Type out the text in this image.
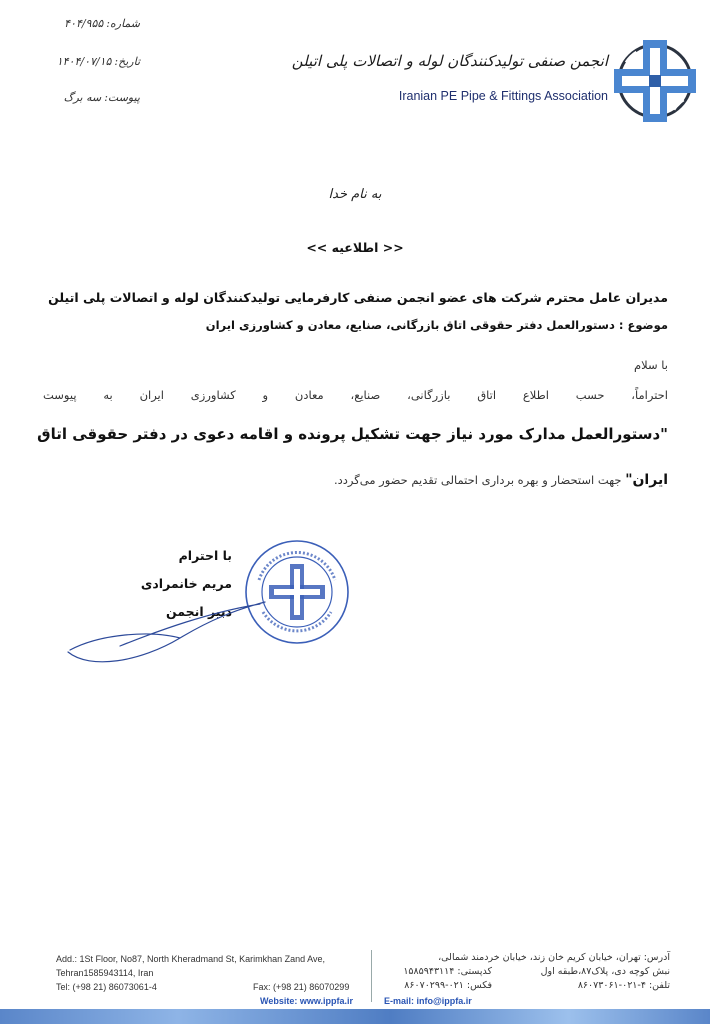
شماره:۴۰۴/۹۵۵
تاریخ:۱۴۰۴/۰۷/۱۵
پیوست:سه برگ
انجمن صنفی تولیدکنندگان لوله و اتصالات پلی اتیلن
Iranian PE Pipe & Fittings Association
به نام خدا
<< اطلاعیه >>
مدیران عامل محترم شرکت های عضو انجمن صنفی کارفرمایی تولیدکنندگان لوله و اتصالات پلی اتیلن
موضوع : دستورالعمل دفتر حقوقی اتاق بازرگانی، صنایع، معادن و کشاورزی ایران
با سلام
احتراماً، حسب اطلاع اتاق بازرگانی، صنایع، معادن و کشاورزی ایران به پیوست
"دستورالعمل مدارک مورد نیاز جهت تشکیل پرونده و اقامه دعوی در دفتر حقوقی اتاق
ایران" جهت استحضار و بهره برداری احتمالی تقدیم حضور می‌گردد.
با احترام
مریم خانمرادی
دبیر انجمن
Add.: 1St Floor, No87, North Kheradmand St, Karimkhan Zand Ave,
Tehran1585943114, Iran
Tel: (+98 21) 86073061-4	Fax: (+98 21) 86070299
Website: www.ippfa.ir
آدرس: تهران، خیابان کریم خان زند، خیابان خردمند شمالی،
نبش کوچه دی، پلاک۸۷،طبقه اول
تلفن: ۴-۰۲۱-۸۶۰۷۳۰۶۱
کدپستی: ۱۵۸۵۹۴۳۱۱۴
فکس: ۰۲۱-۸۶۰۷۰۲۹۹
E-mail: info@ippfa.ir
